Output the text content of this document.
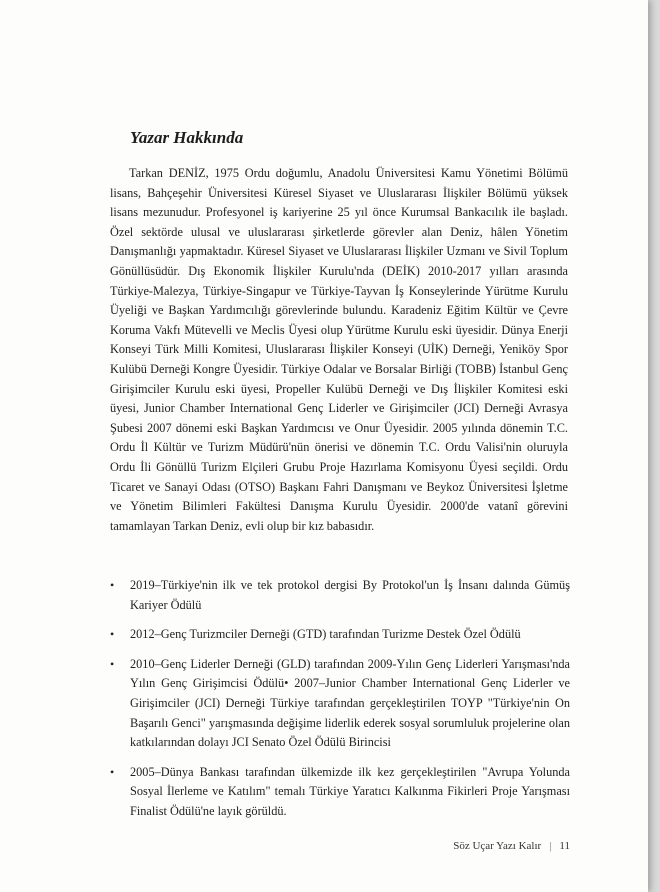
Yazar Hakkında

Tarkan DENİZ, 1975 Ordu doğumlu, Anadolu Üniversitesi Kamu Yönetimi Bölümü lisans, Bahçeşehir Üniversitesi Küresel Siyaset ve Uluslararası İlişkiler Bölümü yüksek lisans mezunudur. Profesyonel iş kariyerine 25 yıl önce Kurumsal Bankacılık ile başladı. Özel sektörde ulusal ve uluslararası şirketlerde görevler alan Deniz, hâlen Yönetim Danışmanlığı yapmaktadır. Küresel Siyaset ve Uluslararası İlişkiler Uzmanı ve Sivil Toplum Gönüllüsüdür. Dış Ekonomik İlişkiler Kurulu'nda (DEİK) 2010-2017 yılları arasında Türkiye-Malezya, Türkiye-Singapur ve Türkiye-Tayvan İş Konseylerinde Yürütme Kurulu Üyeliği ve Başkan Yardımcılığı görevlerinde bulundu. Karadeniz Eğitim Kültür ve Çevre Koruma Vakfı Mütevelli ve Meclis Üyesi olup Yürütme Kurulu eski üyesidir. Dünya Enerji Konseyi Türk Milli Komitesi, Uluslararası İlişkiler Konseyi (UİK) Derneği, Yeniköy Spor Kulübü Derneği Kongre Üyesidir. Türkiye Odalar ve Borsalar Birliği (TOBB) İstanbul Genç Girişimciler Kurulu eski üyesi, Propeller Kulübü Derneği ve Dış İlişkiler Komitesi eski üyesi, Junior Chamber International Genç Liderler ve Girişimciler (JCI) Derneği Avrasya Şubesi 2007 dönemi eski Başkan Yardımcısı ve Onur Üyesidir. 2005 yılında dönemin T.C. Ordu İl Kültür ve Turizm Müdürü'nün önerisi ve dönemin T.C. Ordu Valisi'nin oluruyla Ordu İli Gönüllü Turizm Elçileri Grubu Proje Hazırlama Komisyonu Üyesi seçildi. Ordu Ticaret ve Sanayi Odası (OTSO) Başkanı Fahri Danışmanı ve Beykoz Üniversitesi İşletme ve Yönetim Bilimleri Fakültesi Danışma Kurulu Üyesidir. 2000'de vatanî görevini tamamlayan Tarkan Deniz, evli olup bir kız babasıdır.

• 2019–Türkiye'nin ilk ve tek protokol dergisi By Protokol'un İş İnsanı dalında Gümüş Kariyer Ödülü
• 2012–Genç Turizmciler Derneği (GTD) tarafından Turizme Destek Özel Ödülü
• 2010–Genç Liderler Derneği (GLD) tarafından 2009-Yılın Genç Liderleri Yarışması'nda Yılın Genç Girişimcisi Ödülü• 2007–Junior Chamber International Genç Liderler ve Girişimciler (JCI) Derneği Türkiye tarafından gerçekleştirilen TOYP "Türkiye'nin On Başarılı Genci" yarışmasında değişime liderlik ederek sosyal sorumluluk projelerine olan katkılarından dolayı JCI Senato Özel Ödülü Birincisi
• 2005–Dünya Bankası tarafından ülkemizde ilk kez gerçekleştirilen "Avrupa Yolunda Sosyal İlerleme ve Katılım" temalı Türkiye Yaratıcı Kalkınma Fikirleri Proje Yarışması Finalist Ödülü'ne layık görüldü.
Söz Uçar Yazı Kalır | 11
